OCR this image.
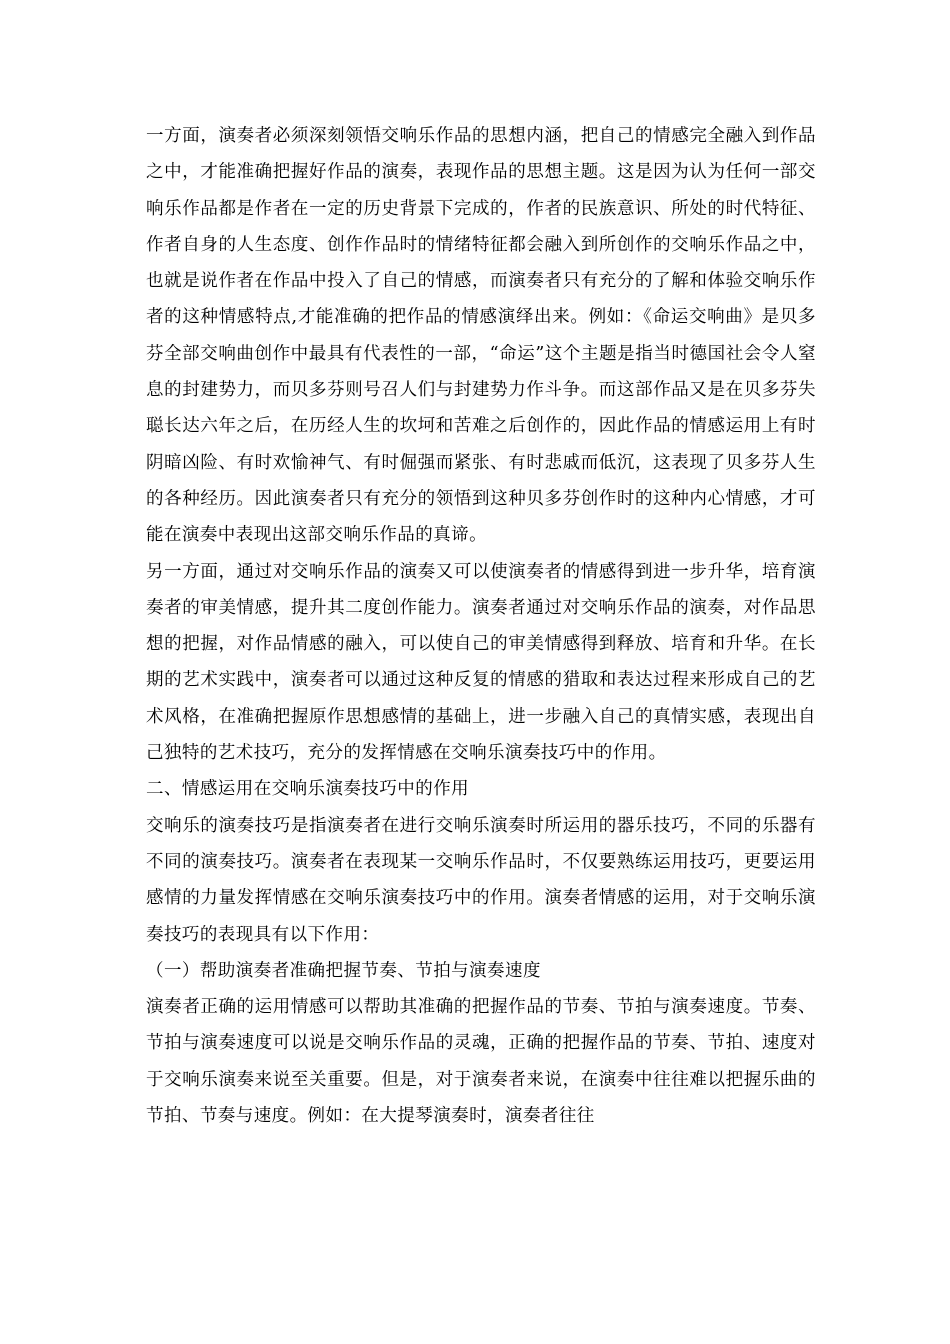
一方面，演奏者必须深刻领悟交响乐作品的思想内涵，把自己的情感完全融入到作品之中，才能准确把握好作品的演奏，表现作品的思想主题。这是因为认为任何一部交响乐作品都是作者在一定的历史背景下完成的，作者的民族意识、所处的时代特征、作者自身的人生态度、创作作品时的情绪特征都会融入到所创作的交响乐作品之中，也就是说作者在作品中投入了自己的情感，而演奏者只有充分的了解和体验交响乐作者的这种情感特点,才能准确的把作品的情感演绎出来。例如：《命运交响曲》是贝多芬全部交响曲创作中最具有代表性的一部，“命运”这个主题是指当时德国社会令人窒息的封建势力，而贝多芬则号召人们与封建势力作斗争。而这部作品又是在贝多芬失聪长达六年之后，在历经人生的坎坷和苦难之后创作的，因此作品的情感运用上有时阴暗凶险、有时欢愉神气、有时倔强而紧张、有时悲戚而低沉，这表现了贝多芬人生的各种经历。因此演奏者只有充分的领悟到这种贝多芬创作时的这种内心情感，才可能在演奏中表现出这部交响乐作品的真谛。

另一方面，通过对交响乐作品的演奏又可以使演奏者的情感得到进一步升华，培育演奏者的审美情感，提升其二度创作能力。演奏者通过对交响乐作品的演奏，对作品思想的把握，对作品情感的融入，可以使自己的审美情感得到释放、培育和升华。在长期的艺术实践中，演奏者可以通过这种反复的情感的猎取和表达过程来形成自己的艺术风格，在准确把握原作思想感情的基础上，进一步融入自己的真情实感，表现出自己独特的艺术技巧，充分的发挥情感在交响乐演奏技巧中的作用。

二、情感运用在交响乐演奏技巧中的作用

交响乐的演奏技巧是指演奏者在进行交响乐演奏时所运用的器乐技巧，不同的乐器有不同的演奏技巧。演奏者在表现某一交响乐作品时，不仅要熟练运用技巧，更要运用感情的力量发挥情感在交响乐演奏技巧中的作用。演奏者情感的运用，对于交响乐演奏技巧的表现具有以下作用：

（一）帮助演奏者准确把握节奏、节拍与演奏速度

演奏者正确的运用情感可以帮助其准确的把握作品的节奏、节拍与演奏速度。节奏、节拍与演奏速度可以说是交响乐作品的灵魂，正确的把握作品的节奏、节拍、速度对于交响乐演奏来说至关重要。但是，对于演奏者来说，在演奏中往往难以把握乐曲的节拍、节奏与速度。例如：在大提琴演奏时，演奏者往往
